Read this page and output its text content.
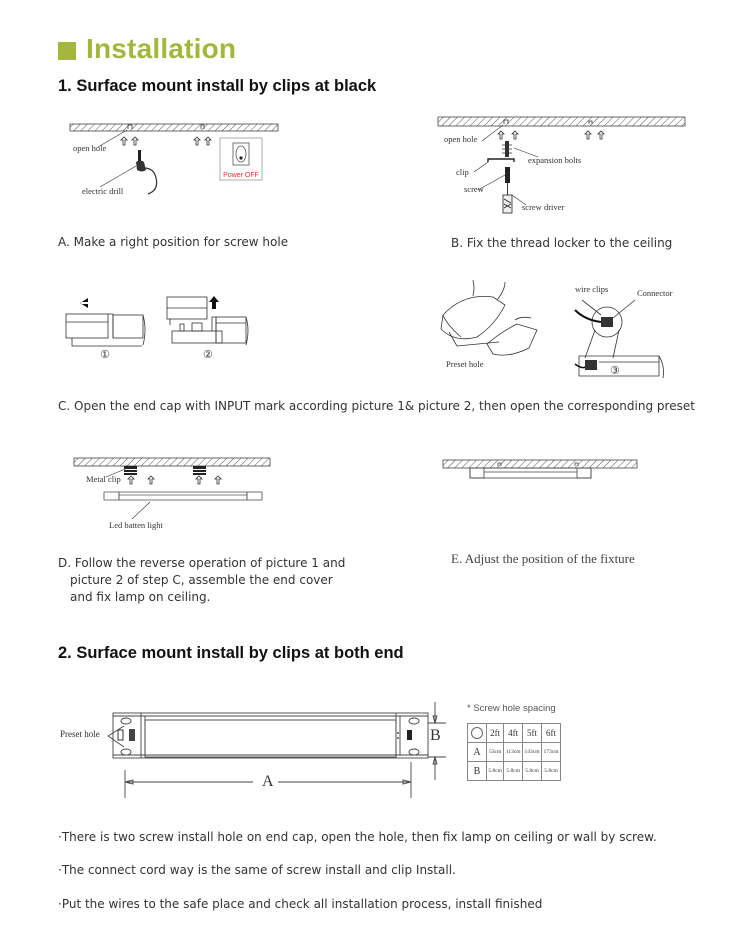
Installation
1. Surface mount install by clips at black
open hole
electric drill
Power OFF
A. Make a right position for screw hole
open hole
expansion bolts
clip
screw
screw driver
B. Fix the thread locker to the ceiling
①	②
Preset hole
wire clips	Connector
③
C. Open the end cap with INPUT mark according picture 1& picture 2, then open the corresponding preset
Metal clip
Led batten light
D. Follow the reverse operation of picture 1 and
picture 2 of step C, assemble the end cover
and fix lamp on ceiling.
E. Adjust the position of the fixture
2. Surface mount install by clips at both end
Preset hole
A
B
* Screw hole spacing
	2ft	4ft	5ft	6ft
A	53cm	113cm	143cm	173cm
B	5.8cm	5.8cm	5.8cm	5.8cm
·There is two screw install hole on end cap, open the hole, then fix lamp on ceiling or wall by screw.
·The connect cord way is the same of screw install and clip Install.
·Put the wires to the safe place and check all installation process, install finished
